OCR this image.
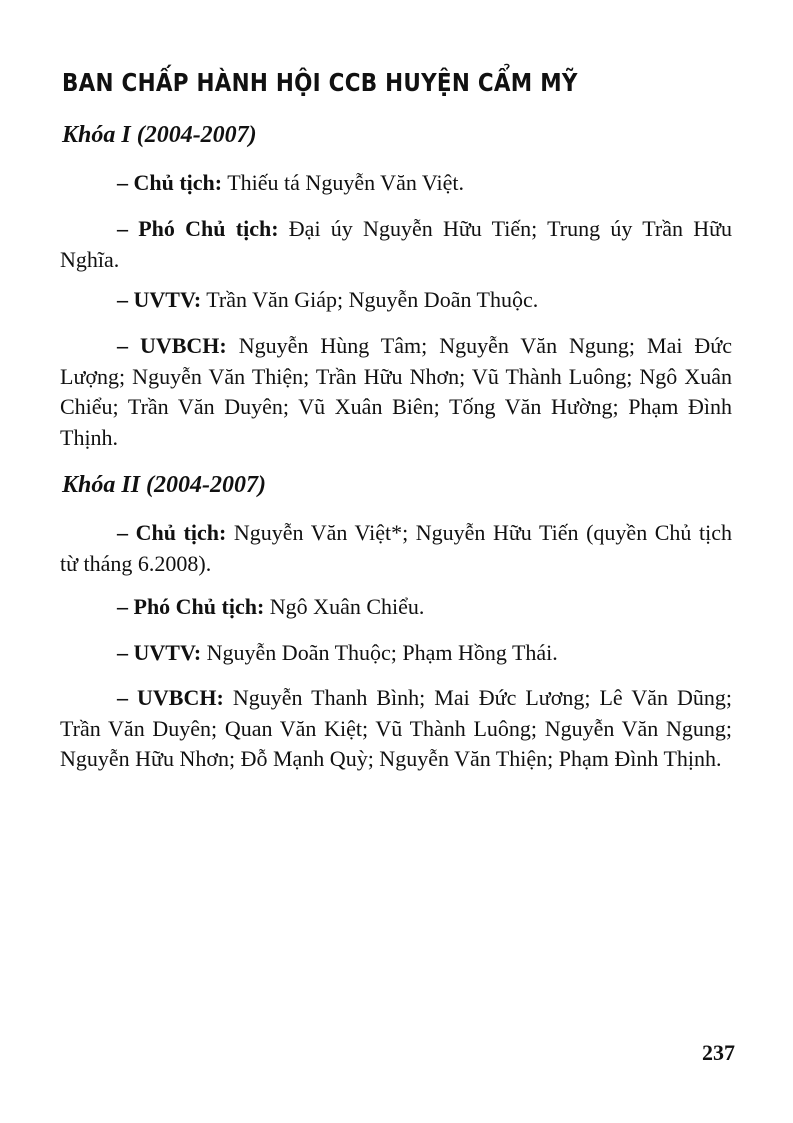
BAN CHẤP HÀNH HỘI CCB HUYỆN CẨM MỸ
Khóa I (2004-2007)

– Chủ tịch: Thiếu tá Nguyễn Văn Việt.

– Phó Chủ tịch: Đại úy Nguyễn Hữu Tiến; Trung úy Trần Hữu Nghĩa.

– UVTV: Trần Văn Giáp; Nguyễn Doãn Thuộc.

– UVBCH: Nguyễn Hùng Tâm; Nguyễn Văn Ngung; Mai Đức Lượng; Nguyễn Văn Thiện; Trần Hữu Nhơn; Vũ Thành Luông; Ngô Xuân Chiểu; Trần Văn Duyên; Vũ Xuân Biên; Tống Văn Hường; Phạm Đình Thịnh.

Khóa II (2004-2007)

– Chủ tịch: Nguyễn Văn Việt*; Nguyễn Hữu Tiến (quyền Chủ tịch từ tháng 6.2008).

– Phó Chủ tịch: Ngô Xuân Chiểu.

– UVTV: Nguyễn Doãn Thuộc; Phạm Hồng Thái.

– UVBCH: Nguyễn Thanh Bình; Mai Đức Lương; Lê Văn Dũng; Trần Văn Duyên; Quan Văn Kiệt; Vũ Thành Luông; Nguyễn Văn Ngung; Nguyễn Hữu Nhơn; Đỗ Mạnh Quỳ; Nguyễn Văn Thiện; Phạm Đình Thịnh.

237
